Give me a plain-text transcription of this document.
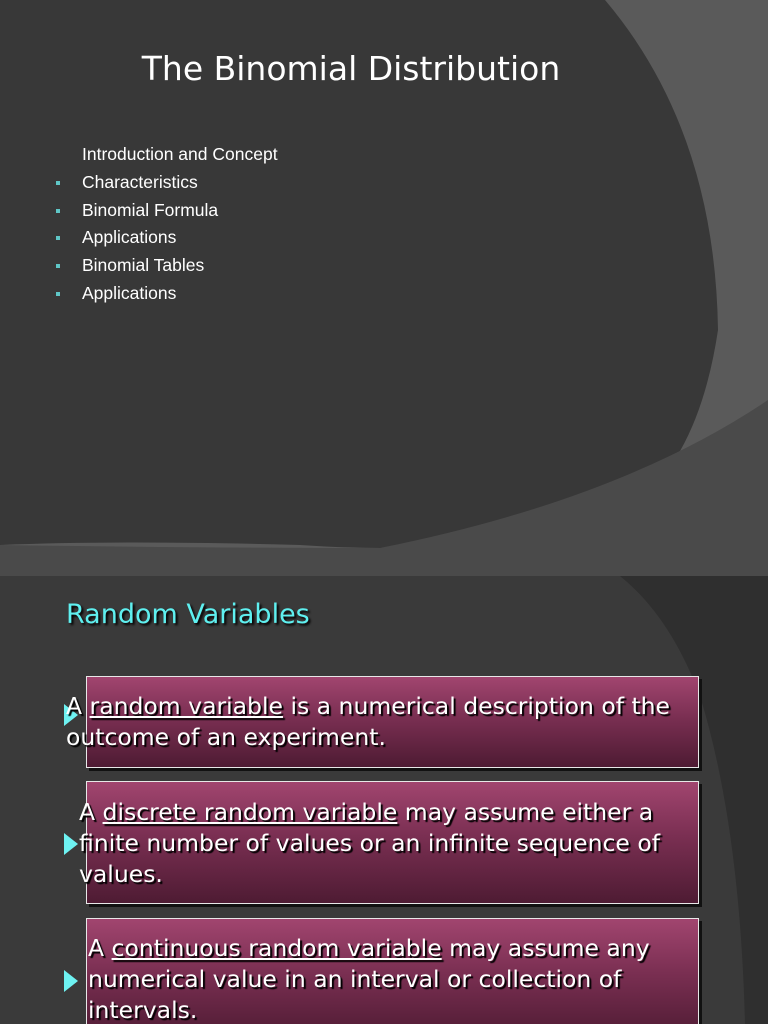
The Binomial Distribution
Introduction and Concept
Characteristics
Binomial Formula
Applications
Binomial Tables
Applications
Random Variables
A random variable is a numerical description of the
outcome of an experiment.
A discrete random variable may assume either a
finite number of values or an infinite sequence of
values.
A continuous random variable may assume any
numerical value in an interval or collection of
intervals.
